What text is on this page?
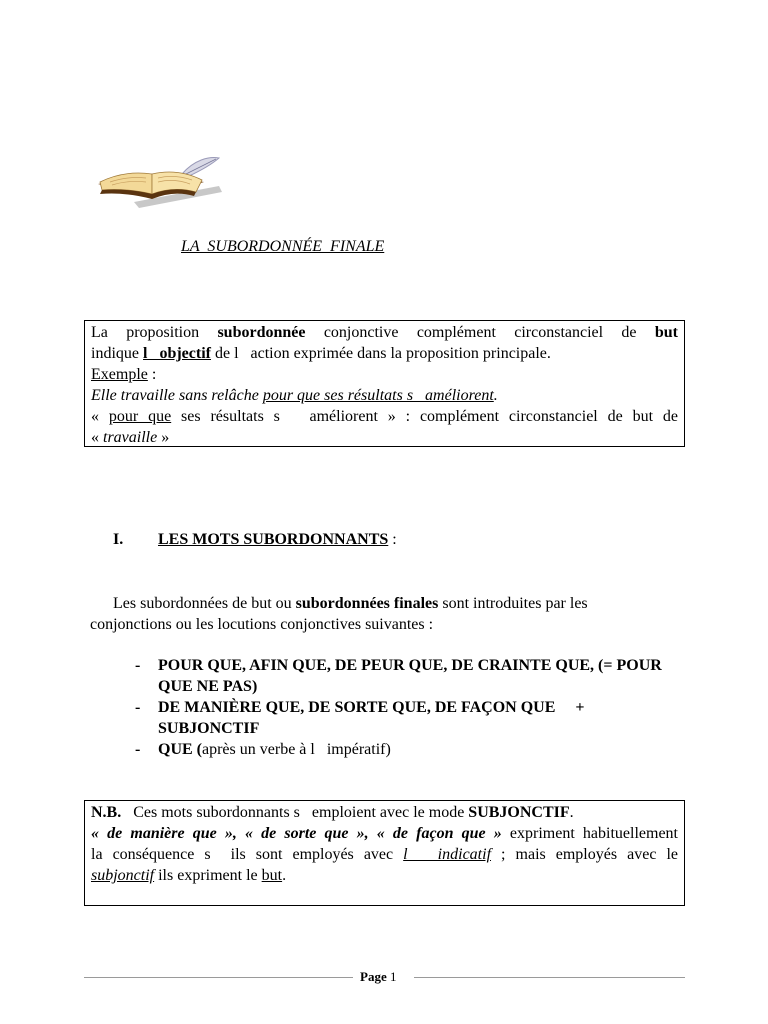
LA  SUBORDONNÉE  FINALE
La proposition subordonnée conjonctive complément circonstanciel de but
indique l   objectif de l   action exprimée dans la proposition principale.
Exemple :
Elle travaille sans relâche pour que ses résultats s   améliorent.
« pour que ses résultats s   améliorent » : complément circonstanciel de but de
« travaille »
I. LES MOTS SUBORDONNANTS :
Les subordonnées de but ou subordonnées finales sont introduites par les conjonctions ou les locutions conjonctives suivantes :
-	POUR QUE, AFIN QUE, DE PEUR QUE, DE CRAINTE QUE, (= POUR QUE NE PAS)
-	DE MANIÈRE QUE, DE SORTE QUE, DE FAÇON QUE     +
SUBJONCTIF
-	QUE (après un verbe à l   impératif)
N.B.   Ces mots subordonnants s   emploient avec le mode SUBJONCTIF.
« de manière que », « de sorte que », « de façon que » expriment habituellement
la conséquence s  ils sont employés avec l   indicatif ; mais employés avec le
subjonctif ils expriment le but.
Page 1
